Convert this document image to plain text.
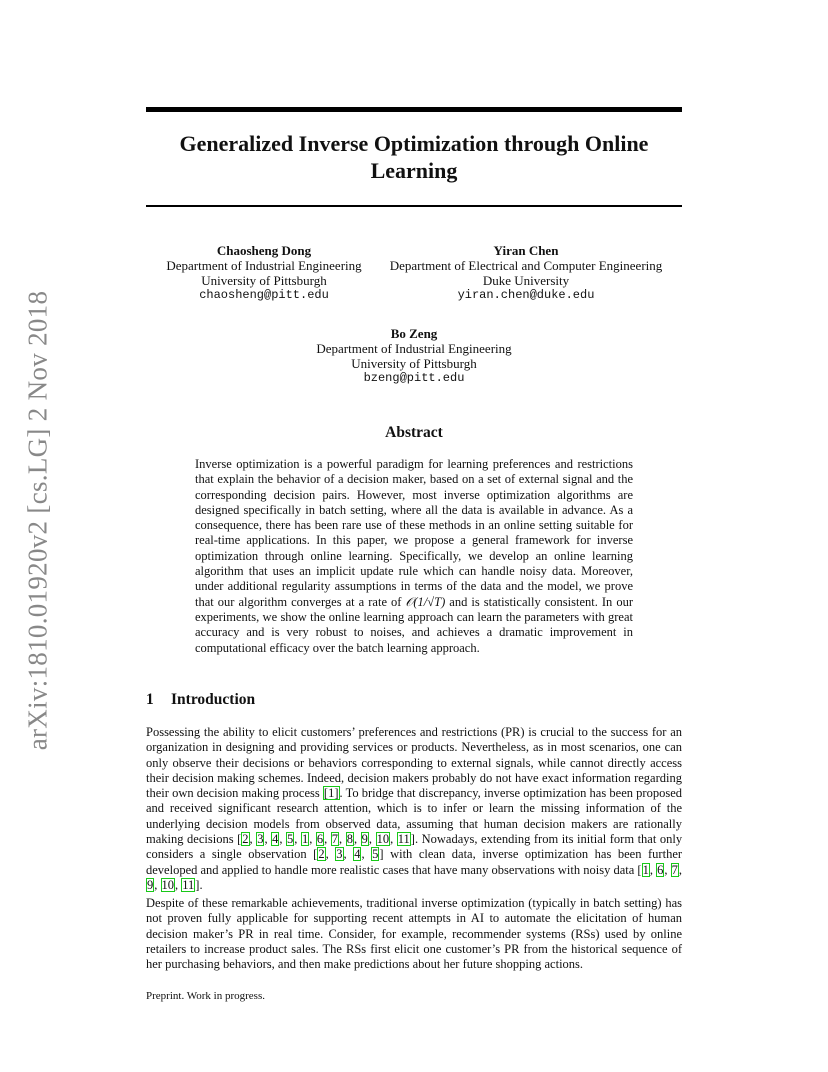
arXiv:1810.01920v2 [cs.LG] 2 Nov 2018
Generalized Inverse Optimization through Online Learning
Chaosheng Dong
Department of Industrial Engineering
University of Pittsburgh
chaosheng@pitt.edu
Yiran Chen
Department of Electrical and Computer Engineering
Duke University
yiran.chen@duke.edu
Bo Zeng
Department of Industrial Engineering
University of Pittsburgh
bzeng@pitt.edu
Abstract

Inverse optimization is a powerful paradigm for learning preferences and restrictions that explain the behavior of a decision maker, based on a set of external signal and the corresponding decision pairs. However, most inverse optimization algorithms are designed specifically in batch setting, where all the data is available in advance. As a consequence, there has been rare use of these methods in an online setting suitable for real-time applications. In this paper, we propose a general framework for inverse optimization through online learning. Specifically, we develop an online learning algorithm that uses an implicit update rule which can handle noisy data. Moreover, under additional regularity assumptions in terms of the data and the model, we prove that our algorithm converges at a rate of 𝒪(1/√T) and is statistically consistent. In our experiments, we show the online learning approach can learn the parameters with great accuracy and is very robust to noises, and achieves a dramatic improvement in computational efficacy over the batch learning approach.

1 Introduction

Possessing the ability to elicit customers’ preferences and restrictions (PR) is crucial to the success for an organization in designing and providing services or products. Nevertheless, as in most scenarios, one can only observe their decisions or behaviors corresponding to external signals, while cannot directly access their decision making schemes. Indeed, decision makers probably do not have exact information regarding their own decision making process [1]. To bridge that discrepancy, inverse optimization has been proposed and received significant research attention, which is to infer or learn the missing information of the underlying decision models from observed data, assuming that human decision makers are rationally making decisions [2, 3, 4, 5, 1, 6, 7, 8, 9, 10, 11]. Nowadays, extending from its initial form that only considers a single observation [2, 3, 4, 5] with clean data, inverse optimization has been further developed and applied to handle more realistic cases that have many observations with noisy data [1, 6, 7, 9, 10, 11].

Despite of these remarkable achievements, traditional inverse optimization (typically in batch setting) has not proven fully applicable for supporting recent attempts in AI to automate the elicitation of human decision maker’s PR in real time. Consider, for example, recommender systems (RSs) used by online retailers to increase product sales. The RSs first elicit one customer’s PR from the historical sequence of her purchasing behaviors, and then make predictions about her future shopping actions.

Preprint. Work in progress.
